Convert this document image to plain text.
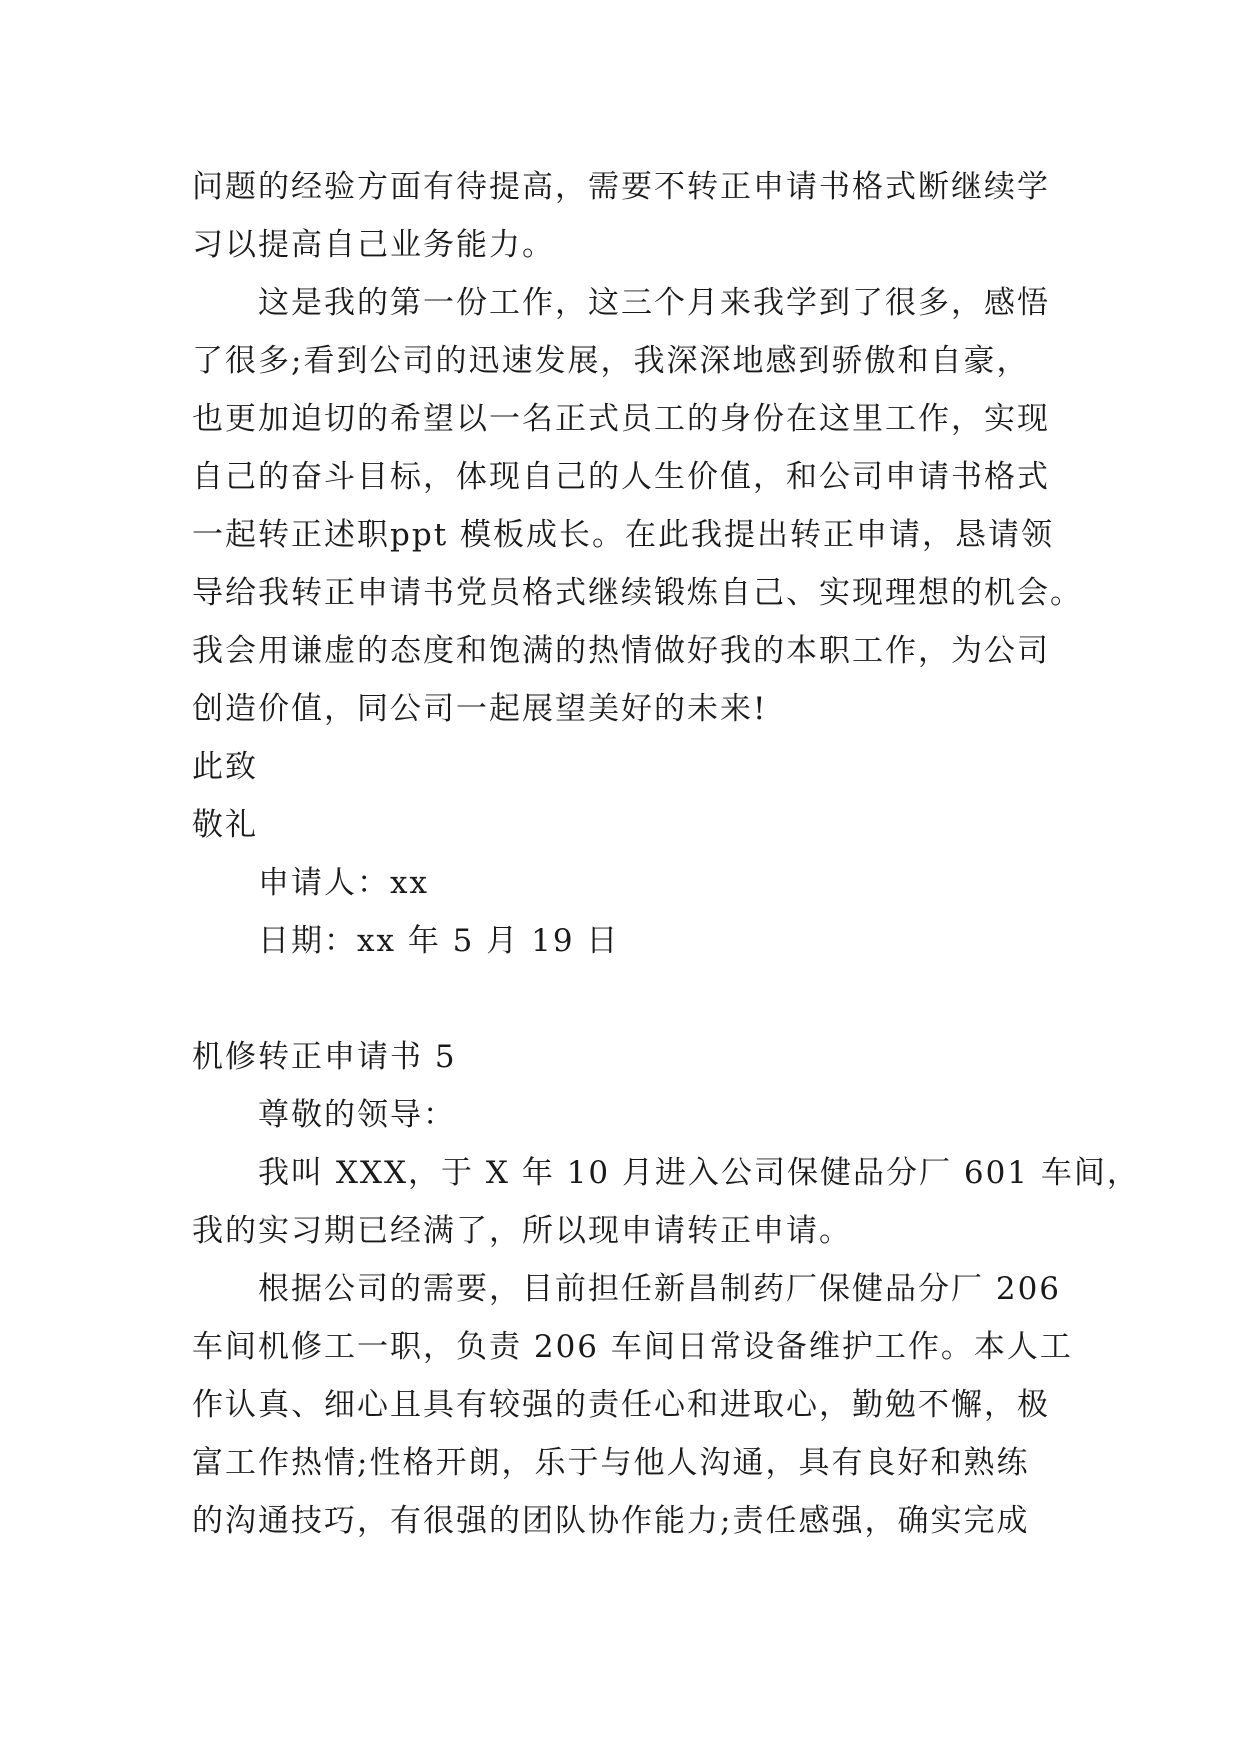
问题的经验方面有待提高，需要不转正申请书格式断继续学
习以提高自己业务能力。
这是我的第一份工作，这三个月来我学到了很多，感悟
了很多;看到公司的迅速发展，我深深地感到骄傲和自豪，
也更加迫切的希望以一名正式员工的身份在这里工作，实现
自己的奋斗目标，体现自己的人生价值，和公司申请书格式
一起转正述职ppt 模板成长。在此我提出转正申请，恳请领
导给我转正申请书党员格式继续锻炼自己、实现理想的机会。
我会用谦虚的态度和饱满的热情做好我的本职工作，为公司
创造价值，同公司一起展望美好的未来!
此致
敬礼
申请人：xx
日期：xx 年 5 月 19 日
机修转正申请书 5
尊敬的领导：
我叫 XXX，于 X 年 10 月进入公司保健品分厂 601 车间，
我的实习期已经满了，所以现申请转正申请。
根据公司的需要，目前担任新昌制药厂保健品分厂 206
车间机修工一职，负责 206 车间日常设备维护工作。本人工
作认真、细心且具有较强的责任心和进取心，勤勉不懈，极
富工作热情;性格开朗，乐于与他人沟通，具有良好和熟练
的沟通技巧，有很强的团队协作能力;责任感强，确实完成
